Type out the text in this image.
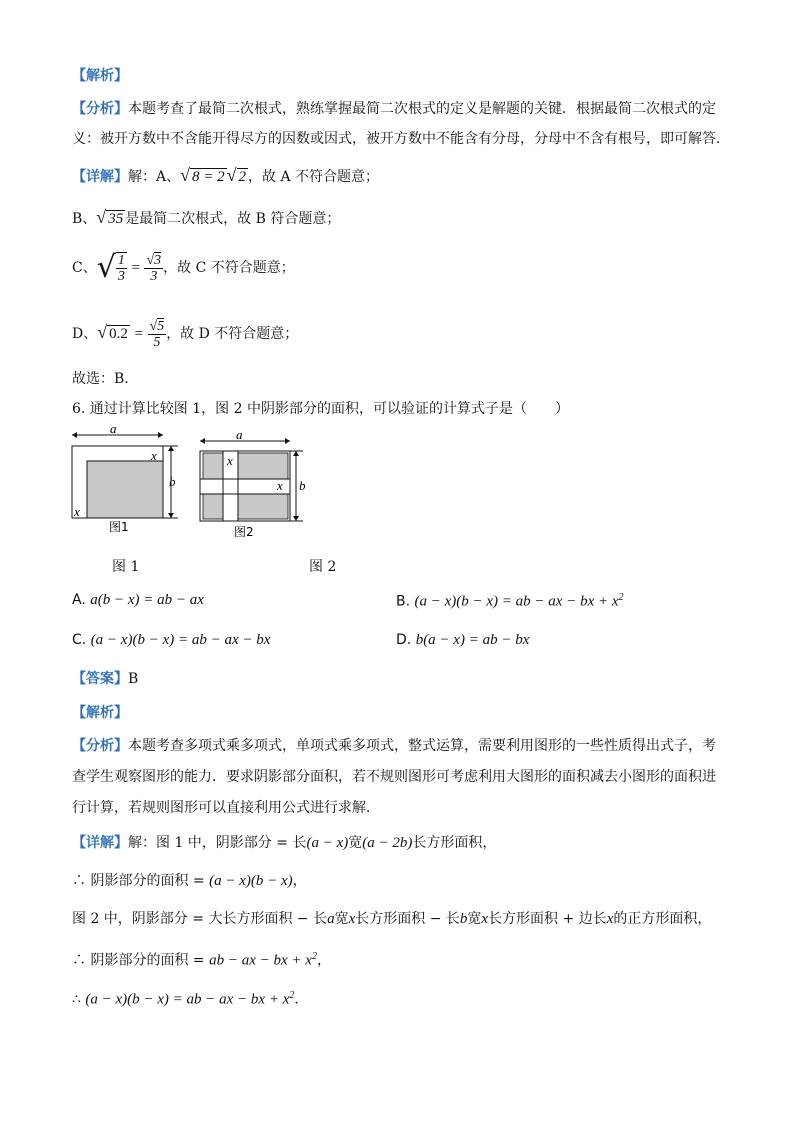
【解析】
【分析】本题考查了最简二次根式，熟练掌握最简二次根式的定义是解题的关键．根据最简二次根式的定
义：被开方数中不含能开得尽方的因数或因式，被开方数中不能含有分母，分母中不含有根号，即可解答．
【详解】解：A、√ 8 = 2 √ 2 ，故 A 不符合题意；
B、√ 35 是最简二次根式，故 B 符合题意；
C、√ $\frac{1}{3} = \frac{√3}{3}$ ，故 C 不符合题意；
D、√ $0.2 = \frac{√5}{5}$ ，故 D 不符合题意；
故选：B．
6. 通过计算比较图 1，图 2 中阴影部分的面积，可以验证的计算式子是（　　）
a
x
x
b
图1
a
x
x b
图2
图 1	图 2
A. a(b − x) = ab − ax	B. (a − x)(b − x) = ab − ax − bx + $x^2$
C. (a − x)(b − x) = ab − ax − bx	D. b(a − x) = ab − bx
【答案】B
【解析】
【分析】本题考查多项式乘多项式，单项式乘多项式，整式运算，需要利用图形的一些性质得出式子，考
查学生观察图形的能力．要求阴影部分面积，若不规则图形可考虑利用大图形的面积减去小图形的面积进
行计算，若规则图形可以直接利用公式进行求解．
【详解】解：图 1 中，阴影部分 = 长(a − x)宽(a − 2b)长方形面积，
∴ 阴影部分的面积 = (a − x)(b − x)，
图 2 中，阴影部分 = 大长方形面积 − 长a宽x长方形面积 − 长b宽x长方形面积 + 边长x的正方形面积，
∴ 阴影部分的面积 = ab − ax − bx + $x^2$，
∴ (a − x)(b − x) = ab − ax − bx + $x^2$．
